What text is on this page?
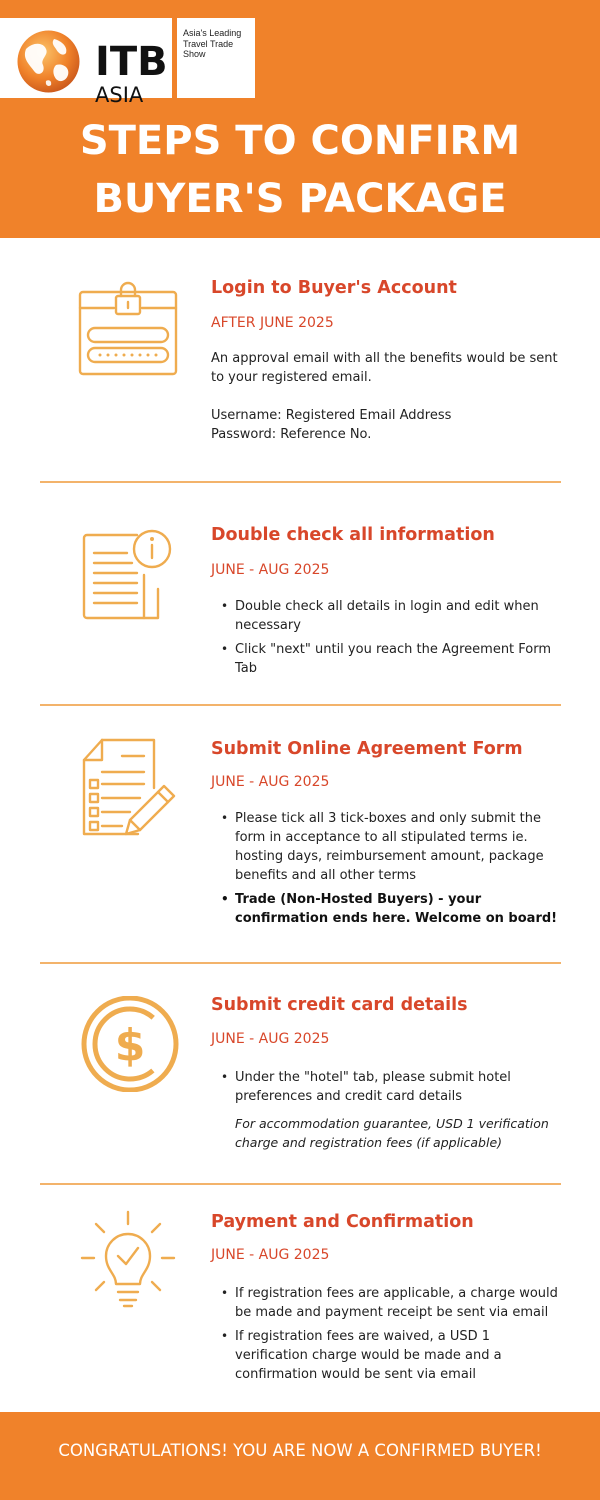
ITB
ASIA
Asia's Leading Travel Trade Show
STEPS TO CONFIRM
BUYER'S PACKAGE
Login to Buyer's Account
AFTER JUNE 2025

An approval email with all the benefits would be sent to your registered email.

Username: Registered Email Address

Password: Reference No.

Double check all information
JUNE - AUG 2025
• Double check all details in login and edit when necessary
• Click "next" until you reach the Agreement Form Tab
Submit Online Agreement Form
JUNE - AUG 2025
• Please tick all 3 tick-boxes and only submit the form in acceptance to all stipulated terms ie. hosting days, reimbursement amount, package benefits and all other terms
• Trade (Non-Hosted Buyers) - your confirmation ends here. Welcome on board!
$
Submit credit card details
JUNE - AUG 2025
• Under the "hotel" tab, please submit hotel preferences and credit card details
For accommodation guarantee, USD 1 verification charge and registration fees (if applicable)
Payment and Confirmation
JUNE - AUG 2025
• If registration fees are applicable, a charge would be made and payment receipt be sent via email
• If registration fees are waived, a USD 1 verification charge would be made and a confirmation would be sent via email
CONGRATULATIONS! YOU ARE NOW A CONFIRMED BUYER!
